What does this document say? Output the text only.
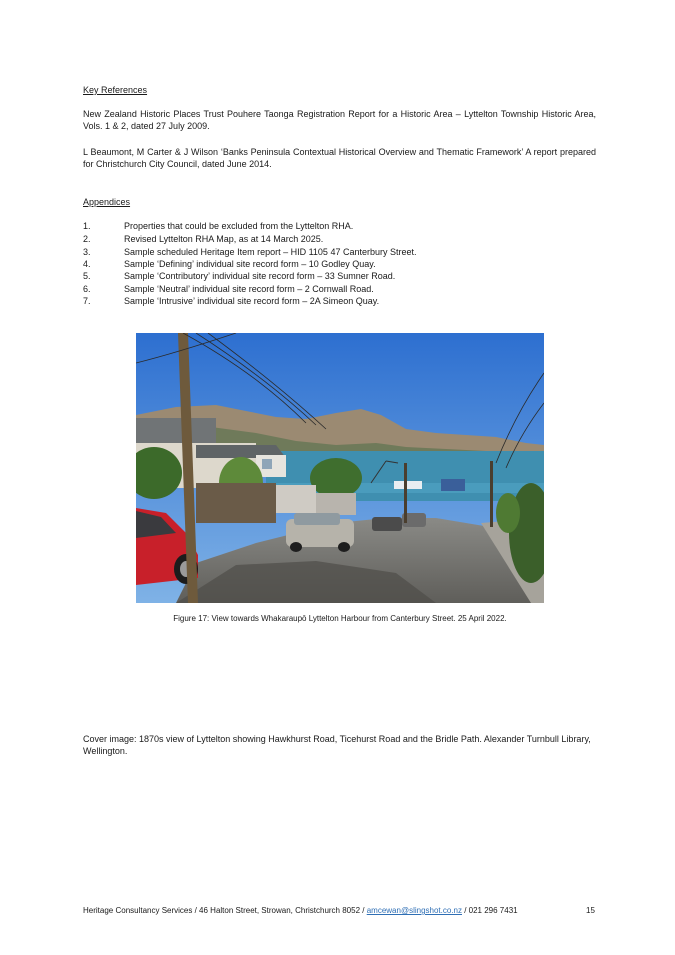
Key References

New Zealand Historic Places Trust Pouhere Taonga Registration Report for a Historic Area – Lyttelton Township Historic Area, Vols. 1 & 2, dated 27 July 2009.

L Beaumont, M Carter & J Wilson ‘Banks Peninsula Contextual Historical Overview and Thematic Framework’ A report prepared for Christchurch City Council, dated June 2014.

Appendices

1.	Properties that could be excluded from the Lyttelton RHA.
2.	Revised Lyttelton RHA Map, as at 14 March 2025.
3.	Sample scheduled Heritage Item report – HID 1105 47 Canterbury Street.
4.	Sample ‘Defining’ individual site record form – 10 Godley Quay.
5.	Sample ‘Contributory’ individual site record form – 33 Sumner Road.
6.	Sample ‘Neutral’ individual site record form – 2 Cornwall Road.
7.	Sample ‘Intrusive’ individual site record form – 2A Simeon Quay.

Figure 17: View towards Whakaraupō Lyttelton Harbour from Canterbury Street. 25 April 2022.

Cover image: 1870s view of Lyttelton showing Hawkhurst Road, Ticehurst Road and the Bridle Path. Alexander Turnbull Library, Wellington.

Heritage Consultancy Services / 46 Halton Street, Strowan, Christchurch 8052 / amcewan@slingshot.co.nz / 021 296 7431	15
